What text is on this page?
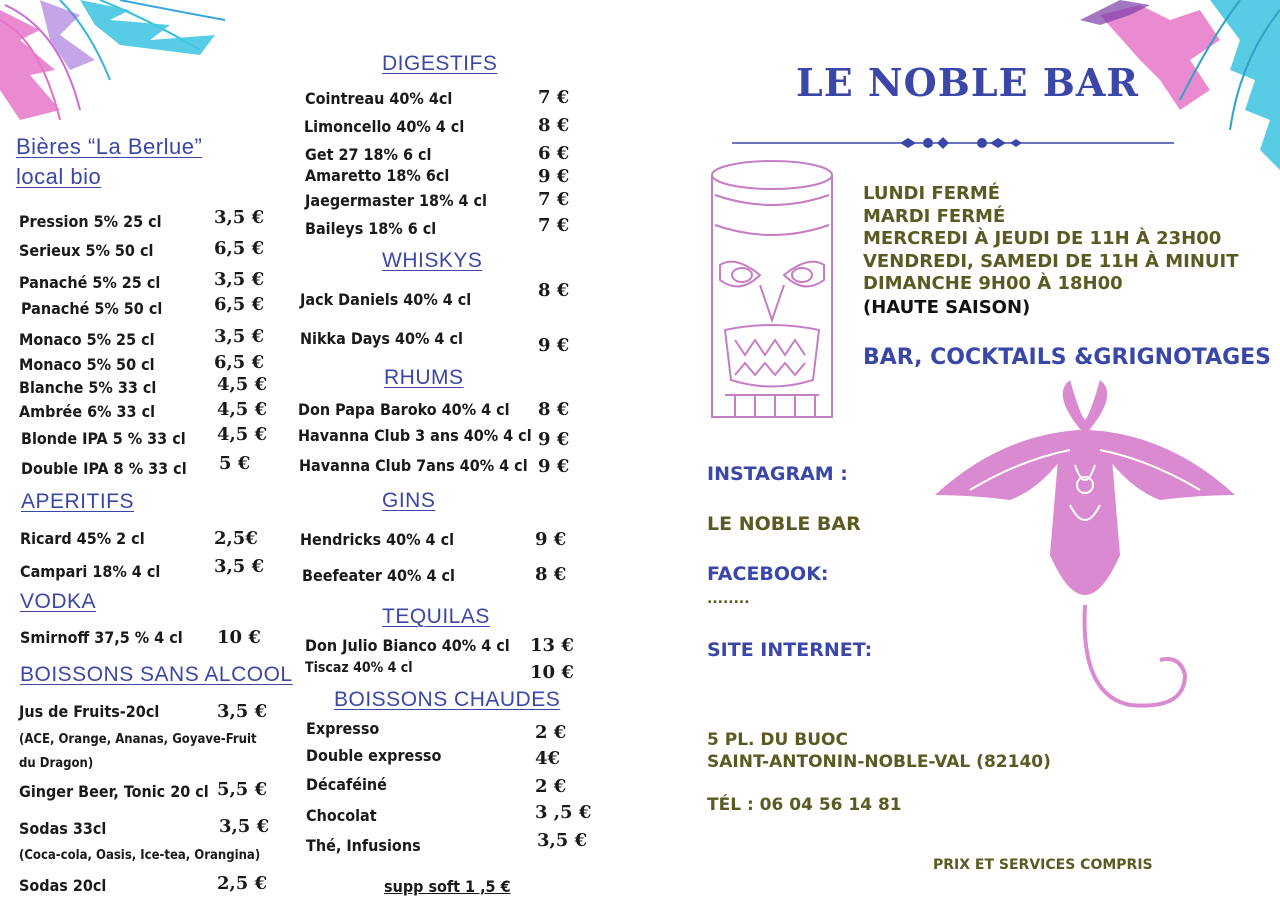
Bières “La Berlue”
local bio
Pression 5% 25 cl	3,5 €
Serieux 5% 50 cl	6,5 €
Panaché 5% 25 cl	3,5 €
Panaché 5% 50 cl	6,5 €
Monaco 5% 25 cl	3,5 €
Monaco 5% 50 cl	6,5 €
Blanche 5% 33 cl	4,5 €
Ambrée 6% 33 cl	4,5 €
Blonde IPA 5 % 33 cl 4,5 €
Double IPA 8 % 33 cl 5 €
APERITIFS
Ricard 45% 2 cl	2,5€
Campari 18% 4 cl	3,5 €
VODKA
Smirnoff 37,5 % 4 cl 10 €
BOISSONS SANS ALCOOL
Jus de Fruits-20cl	3,5 €
(ACE, Orange, Ananas, Goyave-Fruit
du Dragon)
Ginger Beer, Tonic 20 cl 5,5 €
Sodas 33cl	3,5 €
(Coca-cola, Oasis, Ice-tea, Orangina)
Sodas 20cl	2,5 €
DIGESTIFS
Cointreau 40% 4cl	7 €
Limoncello 40% 4 cl	8 €
Get 27 18% 6 cl	6 €
Amaretto 18% 6cl	9 €
Jaegermaster 18% 4 cl	7 €
Baileys 18% 6 cl	7 €
WHISKYS
Jack Daniels 40% 4 cl	8 €
Nikka Days 40% 4 cl	9 €
RHUMS
Don Papa Baroko 40% 4 cl 8 €
Havanna Club 3 ans 40% 4 cl 9 €
Havanna Club 7ans 40% 4 cl 9 €
GINS
Hendricks 40% 4 cl	9 €
Beefeater 40% 4 cl	8 €
TEQUILAS
Don Julio Bianco 40% 4 cl 13 €
Tiscaz 40% 4 cl	10 €
BOISSONS CHAUDES
Expresso	2 €
Double expresso	4€
Décaféiné	2 €
Chocolat	3 ,5 €
Thé, Infusions	3,5 €
supp soft 1 ,5 €
LE NOBLE BAR
LUNDI FERMÉ
MARDI FERMÉ
MERCREDI À JEUDI DE 11H À 23H00
VENDREDI, SAMEDI DE 11H À MINUIT
DIMANCHE 9H00 À 18H00
(HAUTE SAISON)
BAR, COCKTAILS &GRIGNOTAGES
INSTAGRAM :
LE NOBLE BAR
FACEBOOK:
........
SITE INTERNET:
5 PL. DU BUOC
SAINT-ANTONIN-NOBLE-VAL (82140)
TÉL : 06 04 56 14 81
PRIX ET SERVICES COMPRIS
